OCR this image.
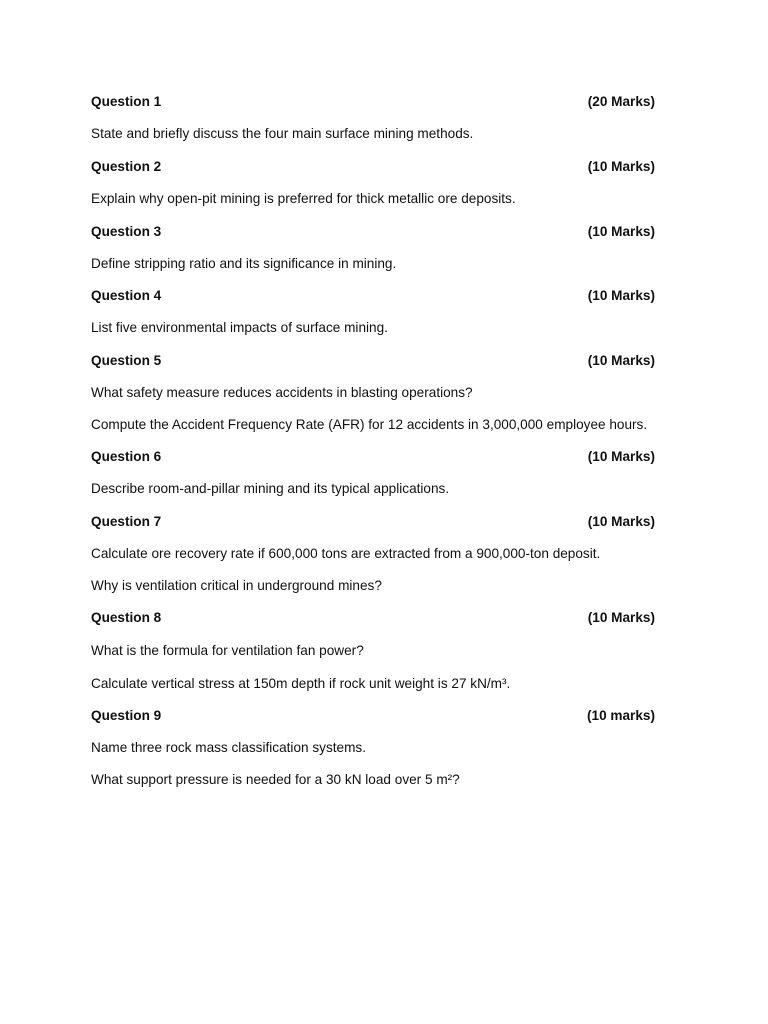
Question 1	(20 Marks)
State and briefly discuss the four main surface mining methods.
Question 2	(10 Marks)
Explain why open-pit mining is preferred for thick metallic ore deposits.
Question 3	(10 Marks)
Define stripping ratio and its significance in mining.
Question 4	(10 Marks)
List five environmental impacts of surface mining.
Question 5	(10 Marks)
What safety measure reduces accidents in blasting operations?
Compute the Accident Frequency Rate (AFR) for 12 accidents in 3,000,000 employee hours.
Question 6	(10 Marks)
Describe room-and-pillar mining and its typical applications.
Question 7	(10 Marks)
Calculate ore recovery rate if 600,000 tons are extracted from a 900,000-ton deposit.
Why is ventilation critical in underground mines?
Question 8	(10 Marks)
What is the formula for ventilation fan power?
Calculate vertical stress at 150m depth if rock unit weight is 27 kN/m³.
Question 9	(10 marks)
Name three rock mass classification systems.
What support pressure is needed for a 30 kN load over 5 m²?
